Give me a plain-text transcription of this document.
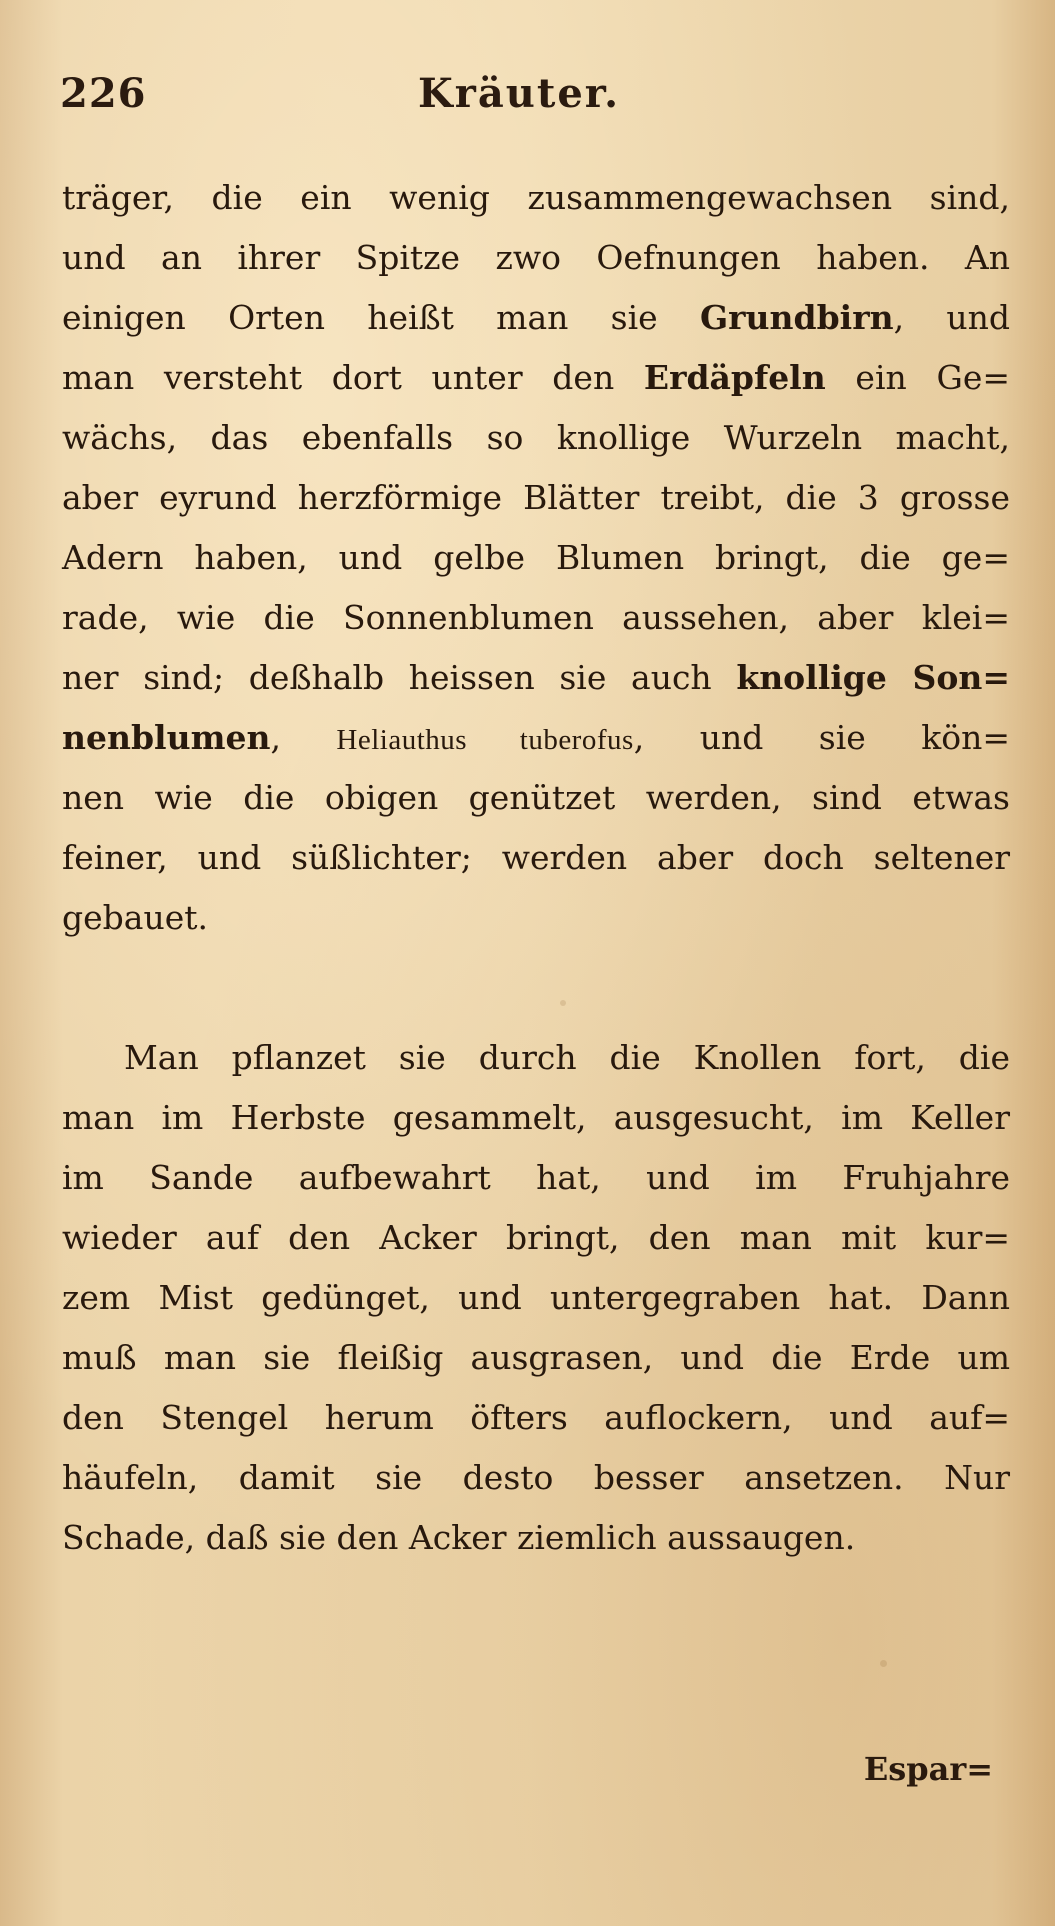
226	Kräuter.
träger, die ein wenig zusammengewachsen sind,
und an ihrer Spitze zwo Oefnungen haben. An
einigen Orten heißt man sie Grundbirn, und
man versteht dort unter den Erdäpfeln ein Ge=
wächs, das ebenfalls so knollige Wurzeln macht,
aber eyrund herzförmige Blätter treibt, die 3 grosse
Adern haben, und gelbe Blumen bringt, die ge=
rade, wie die Sonnenblumen aussehen, aber klei=
ner sind; deßhalb heissen sie auch knollige Son=
nenblumen, Heliauthus tuberofus, und sie kön=
nen wie die obigen genützet werden, sind etwas
feiner, und süßlichter; werden aber doch seltener
gebauet.
Man pflanzet sie durch die Knollen fort, die
man im Herbste gesammelt, ausgesucht, im Keller
im Sande aufbewahrt hat, und im Fruhjahre
wieder auf den Acker bringt, den man mit kur=
zem Mist gedünget, und untergegraben hat. Dann
muß man sie fleißig ausgrasen, und die Erde um
den Stengel herum öfters auflockern, und auf=
häufeln, damit sie desto besser ansetzen. Nur
Schade, daß sie den Acker ziemlich aussaugen.
Espar=
